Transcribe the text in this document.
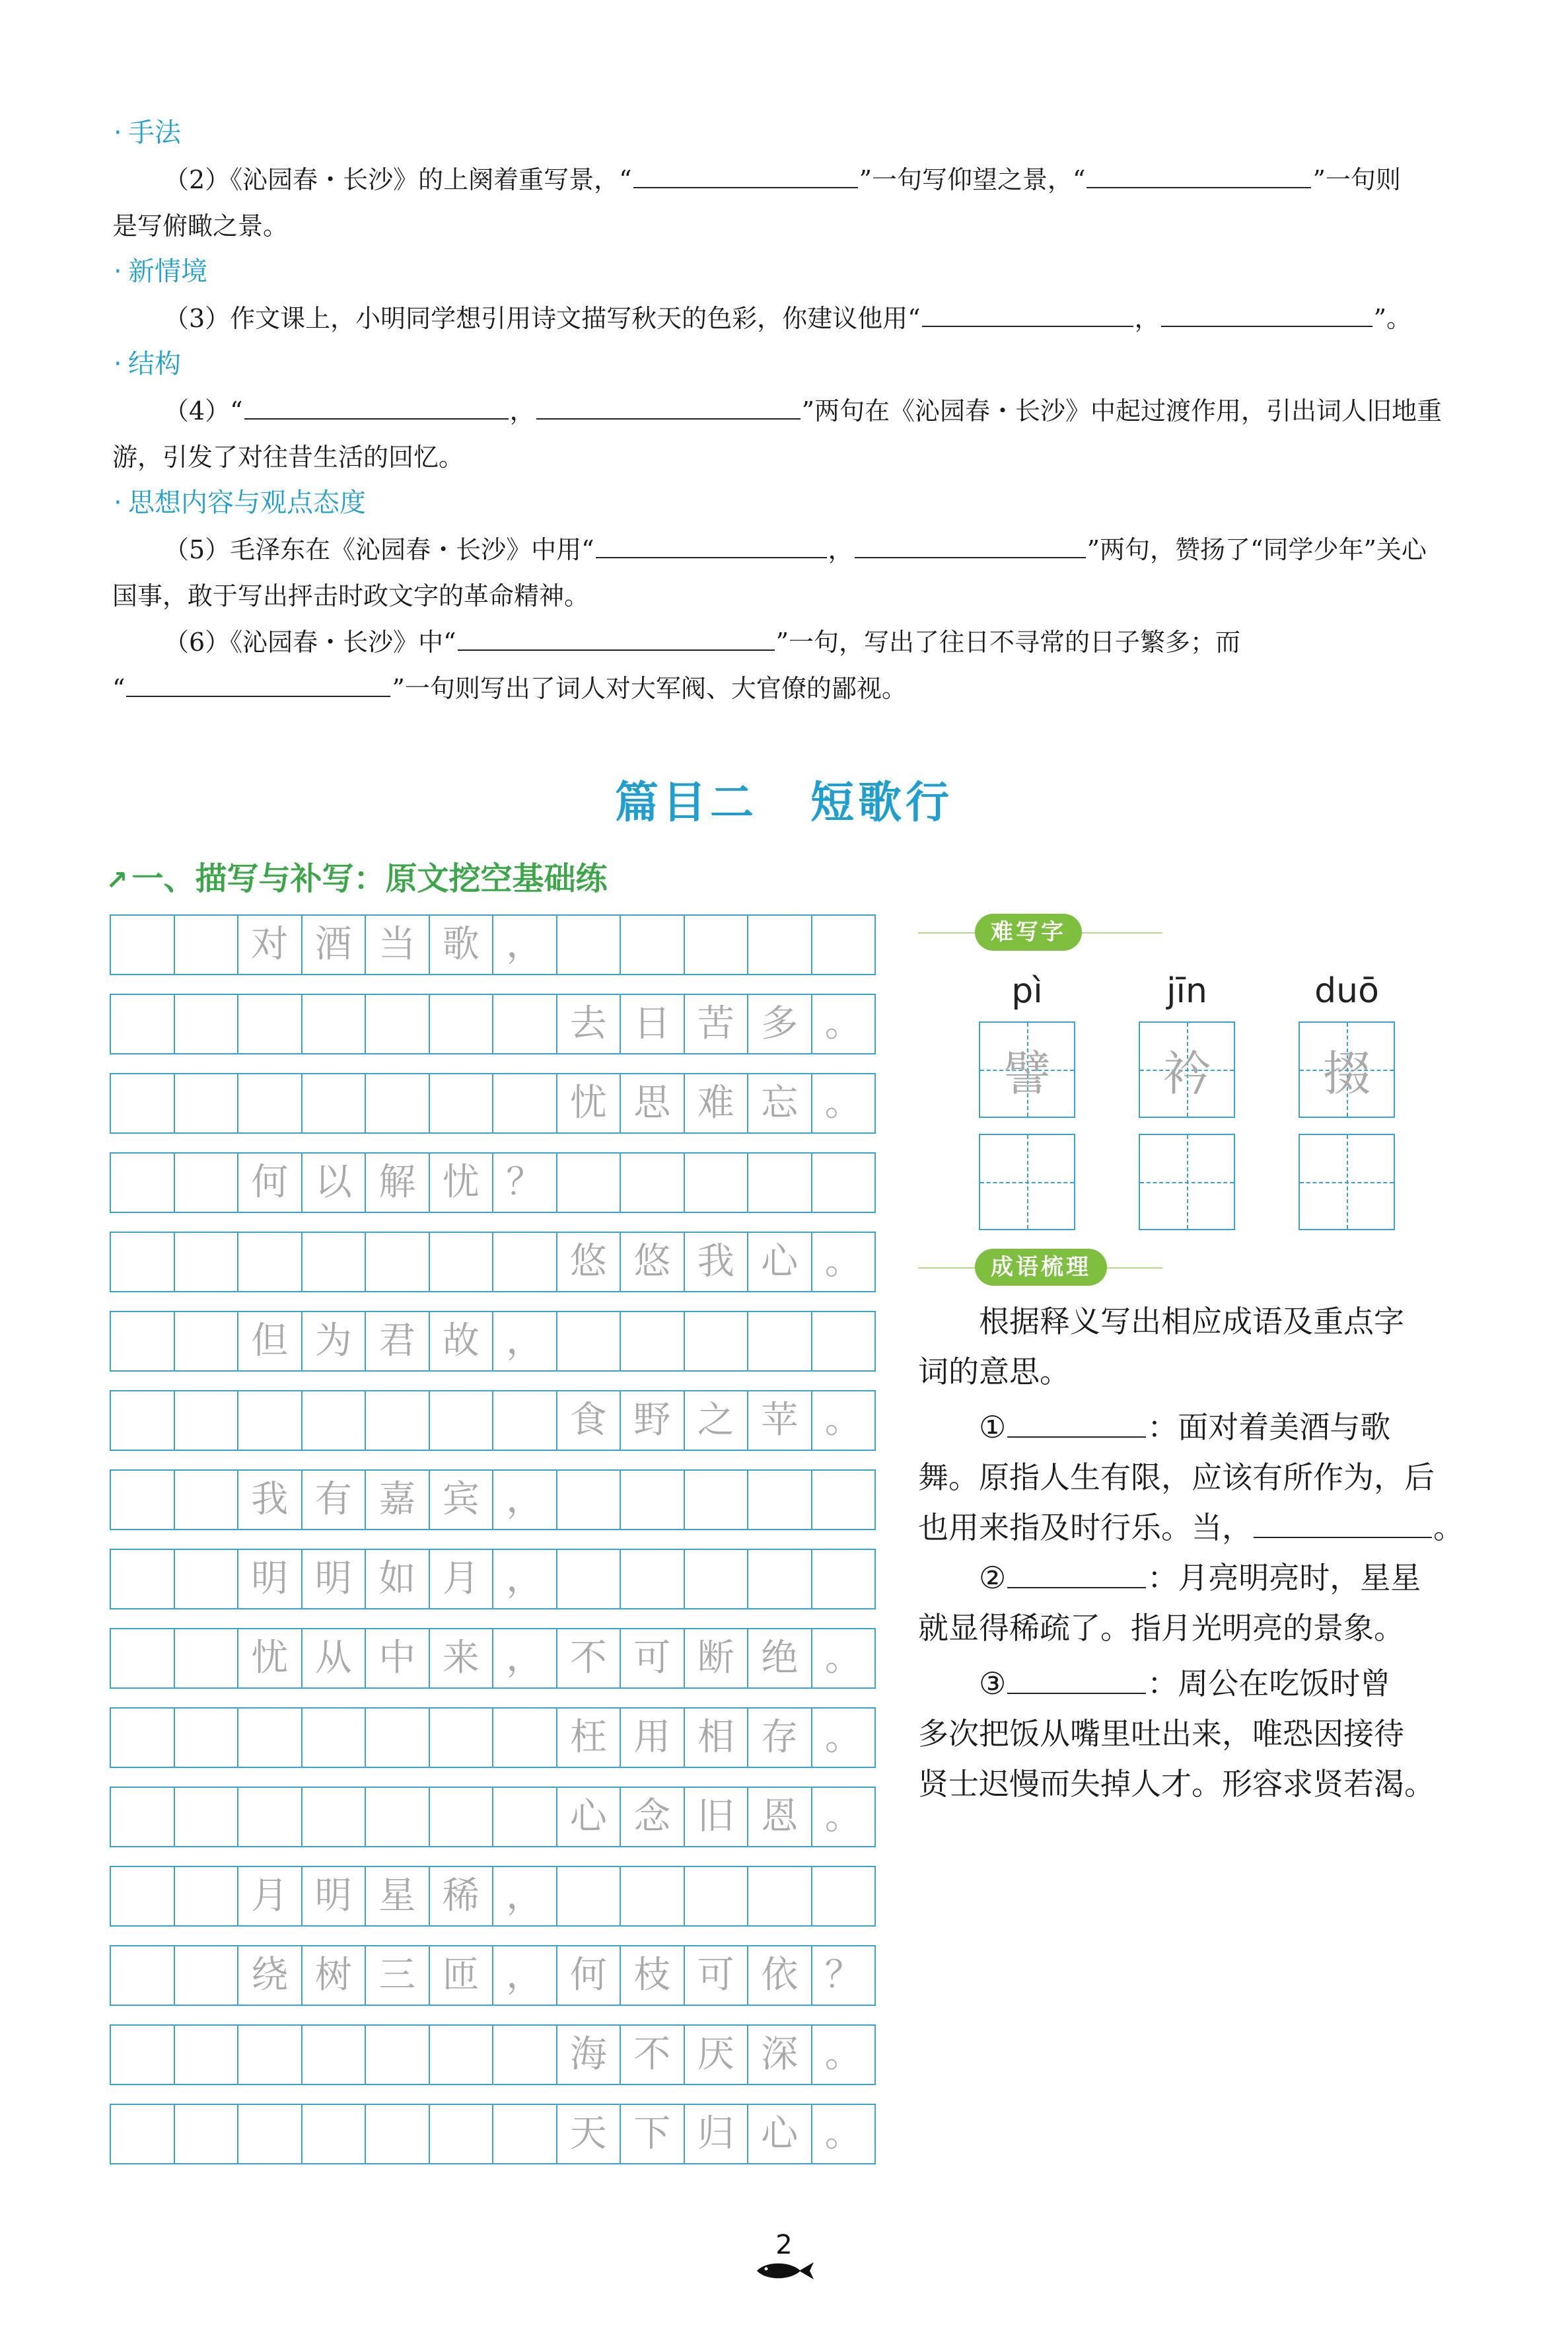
· 手法
（2）《沁园春・长沙》的上阕着重写景，“	”一句写仰望之景，“	”一句则
是写俯瞰之景。
· 新情境
（3）作文课上，小明同学想引用诗文描写秋天的色彩，你建议他用“	，	”。
· 结构
（4）“	，	”两句在《沁园春・长沙》中起过渡作用，引出词人旧地重
游，引发了对往昔生活的回忆。
· 思想内容与观点态度
（5）毛泽东在《沁园春・长沙》中用“	，	”两句，赞扬了“同学少年”关心
国事，敢于写出抨击时政文字的革命精神。
（6）《沁园春・长沙》中“	”一句，写出了往日不寻常的日子繁多；而
“	”一句则写出了词人对大军阀、大官僚的鄙视。
篇目二 短歌行
↗ 一、描写与补写：原文挖空基础练
对 酒 当 歌 ，
去 日 苦 多 。
忧 思 难 忘 。
何 以 解 忧 ？
悠 悠 我 心 。
但 为 君 故 ，
食 野 之 苹 。
我 有 嘉 宾 ，
明 明 如 月 ，
忧 从 中 来 ， 不 可 断 绝 。
枉 用 相 存 。
心 念 旧 恩 。
月 明 星 稀 ，
绕 树 三 匝 ， 何 枝 可 依 ？
海 不 厌 深 。
天 下 归 心 。
难写字
pì	jīn	duō
譬	衿	掇
成语梳理
根据释义写出相应成语及重点字
词的意思。
①	：面对着美酒与歌
舞。原指人生有限，应该有所作为，后
也用来指及时行乐。当，	。
②	：月亮明亮时，星星
就显得稀疏了。指月光明亮的景象。
③	：周公在吃饭时曾
多次把饭从嘴里吐出来，唯恐因接待
贤士迟慢而失掉人才。形容求贤若渴。
2
